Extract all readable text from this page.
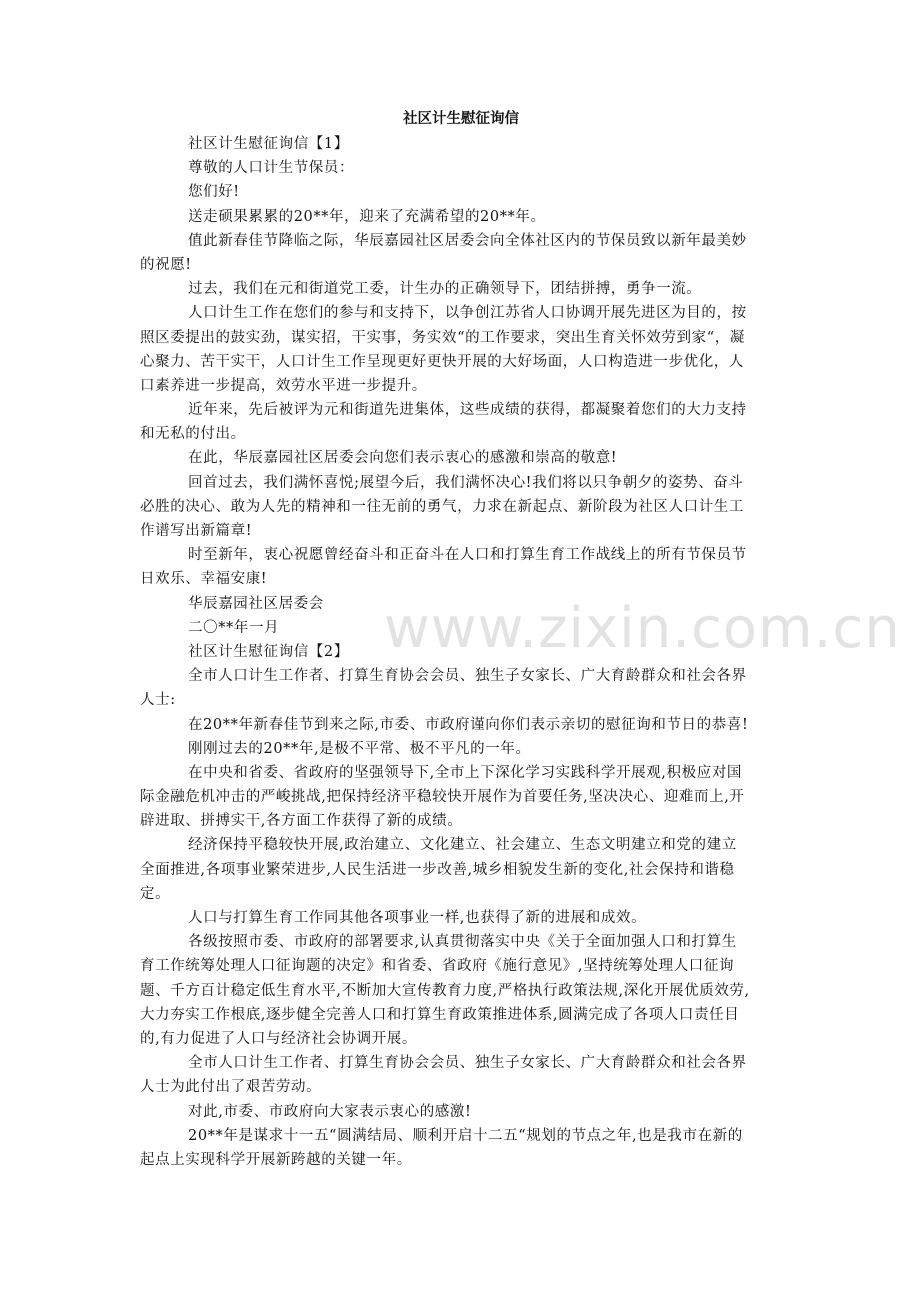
社区计生慰征询信
社区计生慰征询信【1】
尊敬的人口计生节保员：
您们好!
送走硕果累累的20**年，迎来了充满希望的20**年。
值此新春佳节降临之际，华辰嘉园社区居委会向全体社区内的节保员致以新年最美妙
的祝愿!
过去，我们在元和街道党工委，计生办的正确领导下，团结拼搏，勇争一流。
人口计生工作在您们的参与和支持下，以争创江苏省人口协调开展先进区为目的，按
照区委提出的鼓实劲，谋实招，干实事，务实效“的工作要求，突出生育关怀效劳到家“，凝
心聚力、苦干实干，人口计生工作呈现更好更快开展的大好场面，人口构造进一步优化，人
口素养进一步提高，效劳水平进一步提升。
近年来，先后被评为元和街道先进集体，这些成绩的获得，都凝聚着您们的大力支持
和无私的付出。
在此，华辰嘉园社区居委会向您们表示衷心的感激和崇高的敬意!
回首过去，我们满怀喜悦;展望今后，我们满怀决心!我们将以只争朝夕的姿势、奋斗
必胜的决心、敢为人先的精神和一往无前的勇气，力求在新起点、新阶段为社区人口计生工
作谱写出新篇章!
时至新年，衷心祝愿曾经奋斗和正奋斗在人口和打算生育工作战线上的所有节保员节
日欢乐、幸福安康!
华辰嘉园社区居委会
二〇**年一月
社区计生慰征询信【2】
全市人口计生工作者、打算生育协会会员、独生子女家长、广大育龄群众和社会各界
人士:
在20**年新春佳节到来之际,市委、市政府谨向你们表示亲切的慰征询和节日的恭喜!
刚刚过去的20**年,是极不平常、极不平凡的一年。
在中央和省委、省政府的坚强领导下,全市上下深化学习实践科学开展观,积极应对国
际金融危机冲击的严峻挑战,把保持经济平稳较快开展作为首要任务,坚决决心、迎难而上,开
辟进取、拼搏实干,各方面工作获得了新的成绩。
经济保持平稳较快开展,政治建立、文化建立、社会建立、生态文明建立和党的建立
全面推进,各项事业繁荣进步,人民生活进一步改善,城乡相貌发生新的变化,社会保持和谐稳
定。
人口与打算生育工作同其他各项事业一样,也获得了新的进展和成效。
各级按照市委、市政府的部署要求,认真贯彻落实中央《关于全面加强人口和打算生
育工作统筹处理人口征询题的决定》和省委、省政府《施行意见》,坚持统筹处理人口征询
题、千方百计稳定低生育水平,不断加大宣传教育力度,严格执行政策法规,深化开展优质效劳,
大力夯实工作根底,逐步健全完善人口和打算生育政策推进体系,圆满完成了各项人口责任目
的,有力促进了人口与经济社会协调开展。
全市人口计生工作者、打算生育协会会员、独生子女家长、广大育龄群众和社会各界
人士为此付出了艰苦劳动。
对此,市委、市政府向大家表示衷心的感激!
20**年是谋求十一五“圆满结局、顺利开启十二五“规划的节点之年,也是我市在新的
起点上实现科学开展新跨越的关键一年。
www.zixin.com.cn
